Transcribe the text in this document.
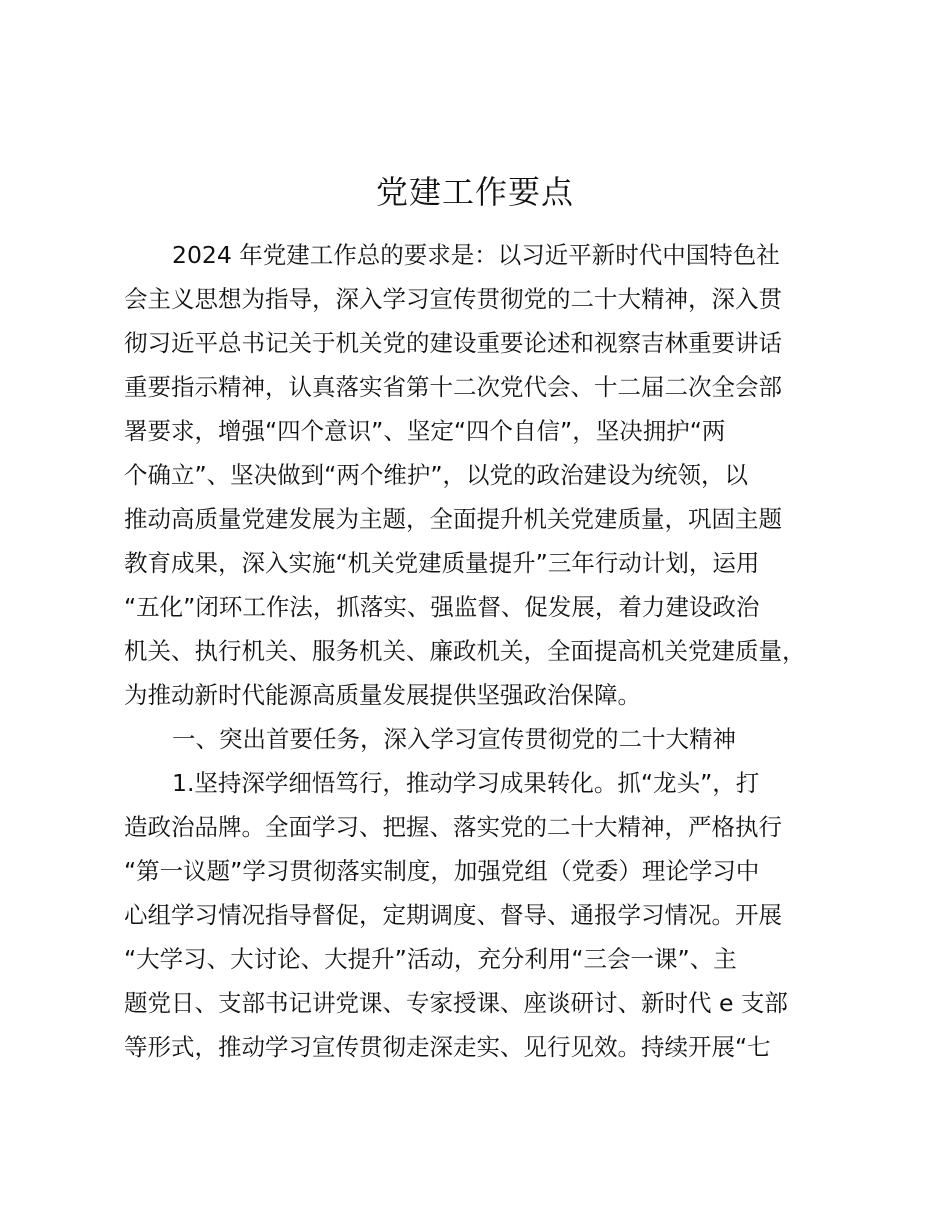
党建工作要点
2024 年党建工作总的要求是：以习近平新时代中国特色社
会主义思想为指导，深入学习宣传贯彻党的二十大精神，深入贯
彻习近平总书记关于机关党的建设重要论述和视察吉林重要讲话
重要指示精神，认真落实省第十二次党代会、十二届二次全会部
署要求，增强“四个意识”、坚定“四个自信”，坚决拥护“两
个确立”、坚决做到“两个维护”，以党的政治建设为统领，以
推动高质量党建发展为主题，全面提升机关党建质量，巩固主题
教育成果，深入实施“机关党建质量提升”三年行动计划，运用
“五化”闭环工作法，抓落实、强监督、促发展，着力建设政治
机关、执行机关、服务机关、廉政机关，全面提高机关党建质量，
为推动新时代能源高质量发展提供坚强政治保障。
一、突出首要任务，深入学习宣传贯彻党的二十大精神
1.坚持深学细悟笃行，推动学习成果转化。抓“龙头”，打
造政治品牌。全面学习、把握、落实党的二十大精神，严格执行
“第一议题”学习贯彻落实制度，加强党组（党委）理论学习中
心组学习情况指导督促，定期调度、督导、通报学习情况。开展
“大学习、大讨论、大提升”活动，充分利用“三会一课”、主
题党日、支部书记讲党课、专家授课、座谈研讨、新时代 e 支部
等形式，推动学习宣传贯彻走深走实、见行见效。持续开展“七
